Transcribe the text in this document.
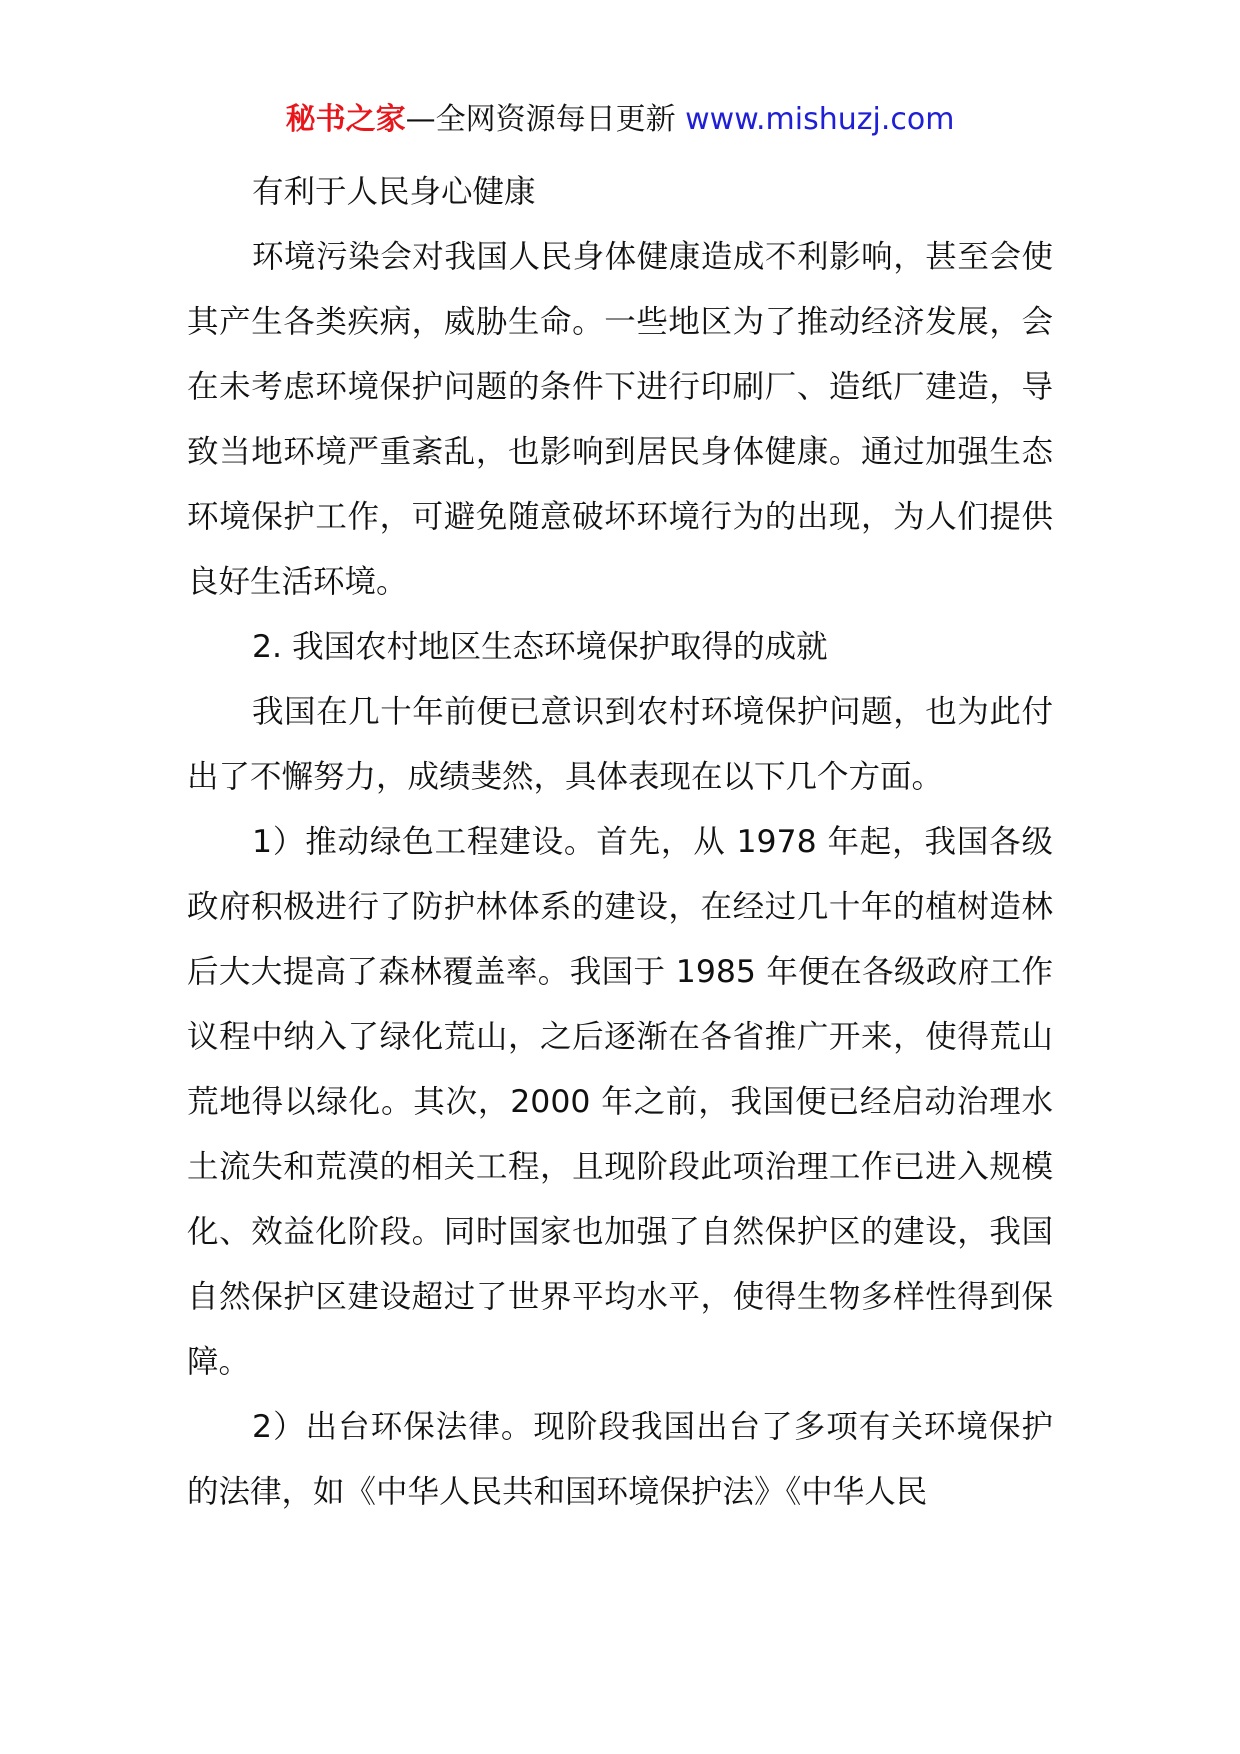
秘书之家—全网资源每日更新 www.mishuzj.com

有利于人民身心健康

环境污染会对我国人民身体健康造成不利影响，甚至会使其产生各类疾病，威胁生命。一些地区为了推动经济发展，会在未考虑环境保护问题的条件下进行印刷厂、造纸厂建造，导致当地环境严重紊乱，也影响到居民身体健康。通过加强生态环境保护工作，可避免随意破坏环境行为的出现，为人们提供良好生活环境。

2. 我国农村地区生态环境保护取得的成就

我国在几十年前便已意识到农村环境保护问题，也为此付出了不懈努力，成绩斐然，具体表现在以下几个方面。

1）推动绿色工程建设。首先，从 1978 年起，我国各级政府积极进行了防护林体系的建设，在经过几十年的植树造林后大大提高了森林覆盖率。我国于 1985 年便在各级政府工作议程中纳入了绿化荒山，之后逐渐在各省推广开来，使得荒山荒地得以绿化。其次，2000 年之前，我国便已经启动治理水土流失和荒漠的相关工程，且现阶段此项治理工作已进入规模化、效益化阶段。同时国家也加强了自然保护区的建设，我国自然保护区建设超过了世界平均水平，使得生物多样性得到保障。

2）出台环保法律。现阶段我国出台了多项有关环境保护的法律，如《中华人民共和国环境保护法》《中华人民
